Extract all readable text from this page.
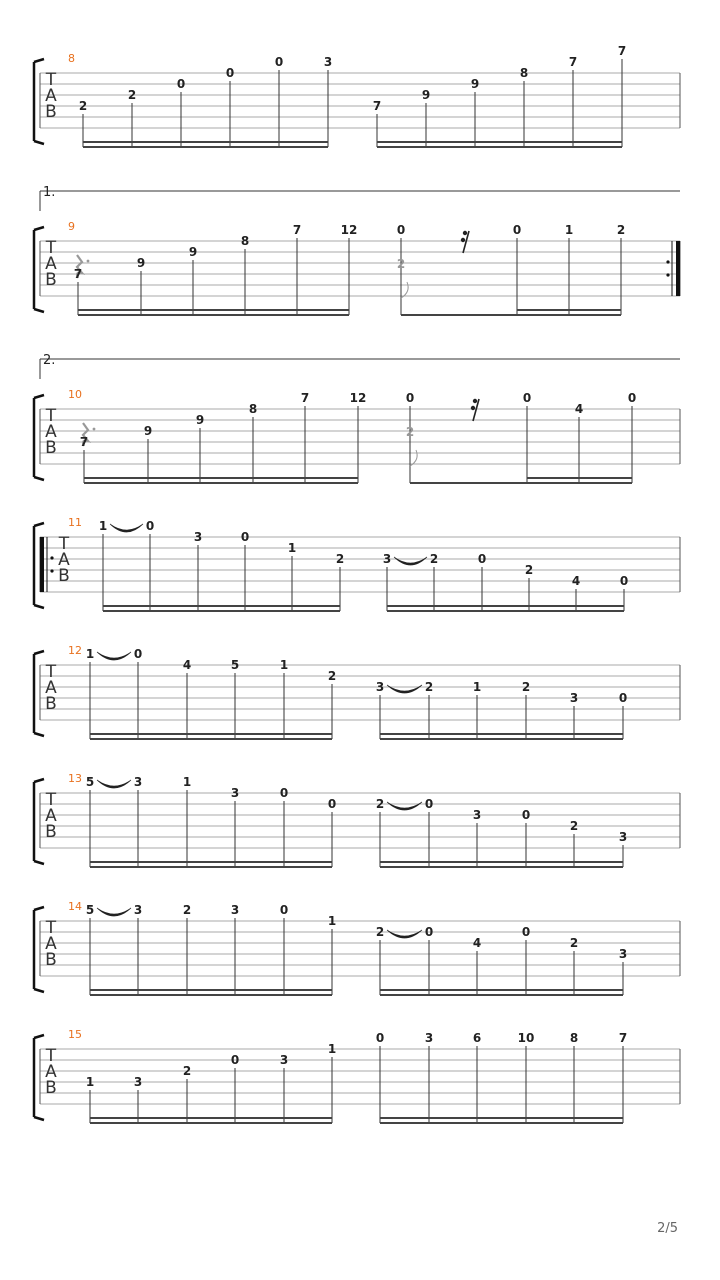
T
A
B
8
2
2
0
0
0	3
7
9
9
8
7
7
T
A
B
9
1.
7
9
9
8
7	12	0
2
0	1	2
T
A
B
10
2.
7
9
9
8
7	12	0
2
0
4
0
T
A
B
11 1	0
3	0
1
2	3	2	0
2
4	0
T
A
B
12 1	0
4	5	1
2
3	2	1	2
3	0
T
A
B
13 5	3	1
3	0
0	2	0
3	0
2
3
T
A
B
14 5	3	2	3	0
1
2	0
4
0
2
3
T
A
B
15
1	3
2
0	3
1
0	3	6	10	8	7
2/5
